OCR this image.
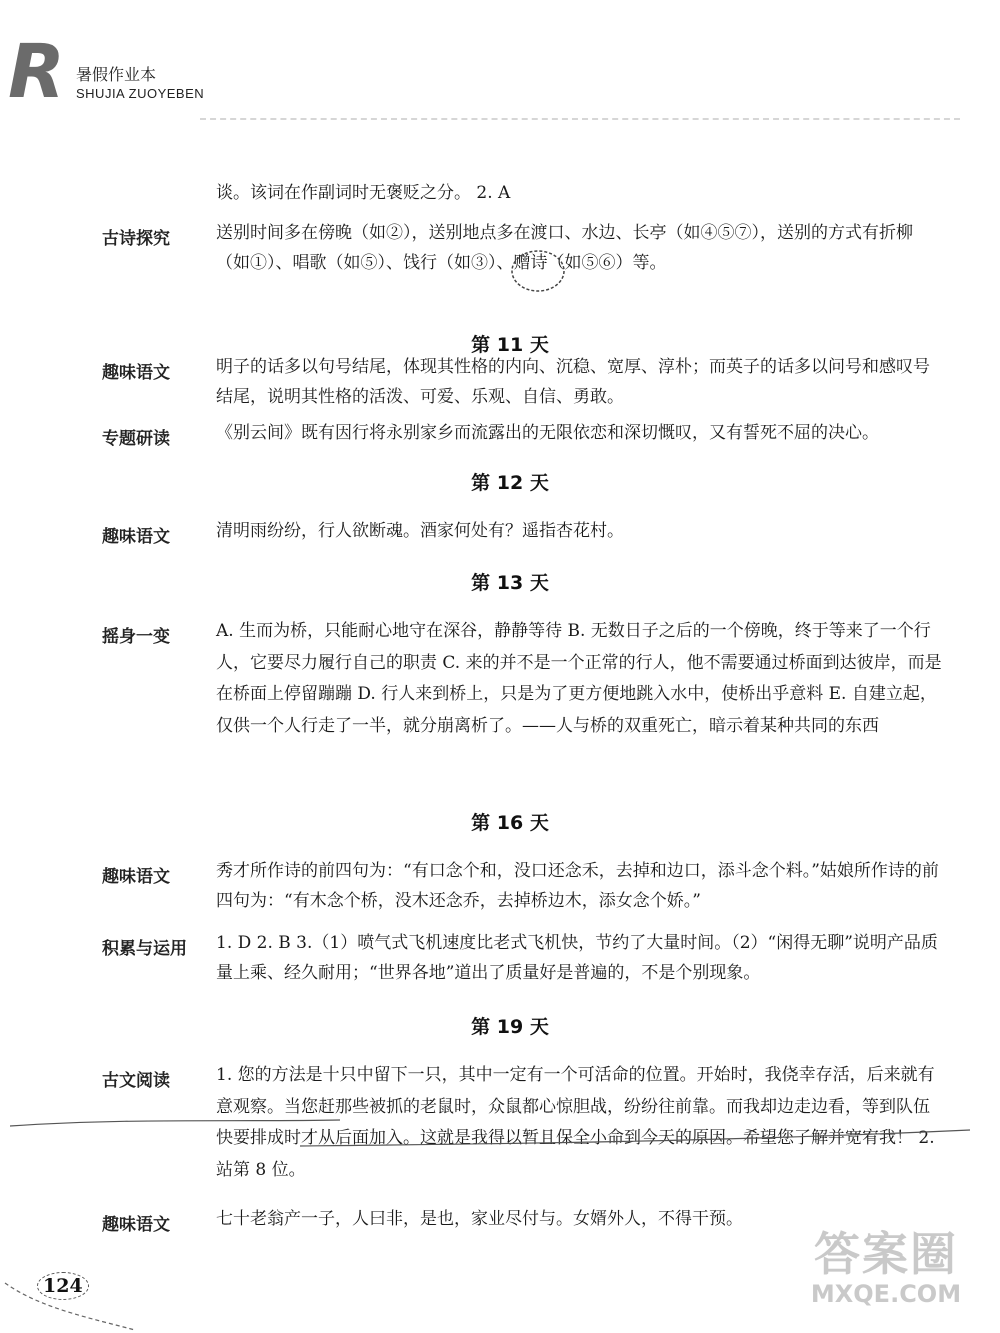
R 暑假作业本
SHUJIA ZUOYEBEN
谈。该词在作副词时无褒贬之分。 2. A
古诗探究	送别时间多在傍晚（如②），送别地点多在渡口、水边、长亭（如④⑤⑦），送别的方式有折柳（如①）、唱歌（如⑤）、饯行（如③）、赠诗（如⑤⑥）等。
第 11 天
趣味语文	明子的话多以句号结尾，体现其性格的内向、沉稳、宽厚、淳朴；而英子的话多以问号和感叹号结尾，说明其性格的活泼、可爱、乐观、自信、勇敢。
专题研读	《别云间》既有因行将永别家乡而流露出的无限依恋和深切慨叹，又有誓死不屈的决心。
第 12 天
趣味语文	清明雨纷纷，行人欲断魂。酒家何处有？遥指杏花村。
第 13 天
摇身一变	A. 生而为桥，只能耐心地守在深谷，静静等待 B. 无数日子之后的一个傍晚，终于等来了一个行人，它要尽力履行自己的职责 C. 来的并不是一个正常的行人，他不需要通过桥面到达彼岸，而是在桥面上停留蹦蹦 D. 行人来到桥上，只是为了更方便地跳入水中，使桥出乎意料 E. 自建立起，仅供一个人行走了一半，就分崩离析了。——人与桥的双重死亡，暗示着某种共同的东西
第 16 天
趣味语文	秀才所作诗的前四句为：“有口念个和，没口还念禾，去掉和边口，添斗念个料。”姑娘所作诗的前四句为：“有木念个桥，没木还念乔，去掉桥边木，添女念个娇。”
积累与运用 1. D 2. B 3.（1）喷气式飞机速度比老式飞机快，节约了大量时间。（2）“闲得无聊”说明产品质量上乘、经久耐用；“世界各地”道出了质量好是普遍的，不是个别现象。
第 19 天
古文阅读	1. 您的方法是十只中留下一只，其中一定有一个可活命的位置。开始时，我侥幸存活，后来就有意观察。当您赶那些被抓的老鼠时，众鼠都心惊胆战，纷纷往前靠。而我却边走边看，等到队伍快要排成时才从后面加入。这就是我得以暂且保全小命到今天的原因。希望您了解并宽宥我！ 2. 站第 8 位。
趣味语文	七十老翁产一子，人曰非，是也，家业尽付与。女婿外人，不得干预。
124
答案圈
MXQE.COM
